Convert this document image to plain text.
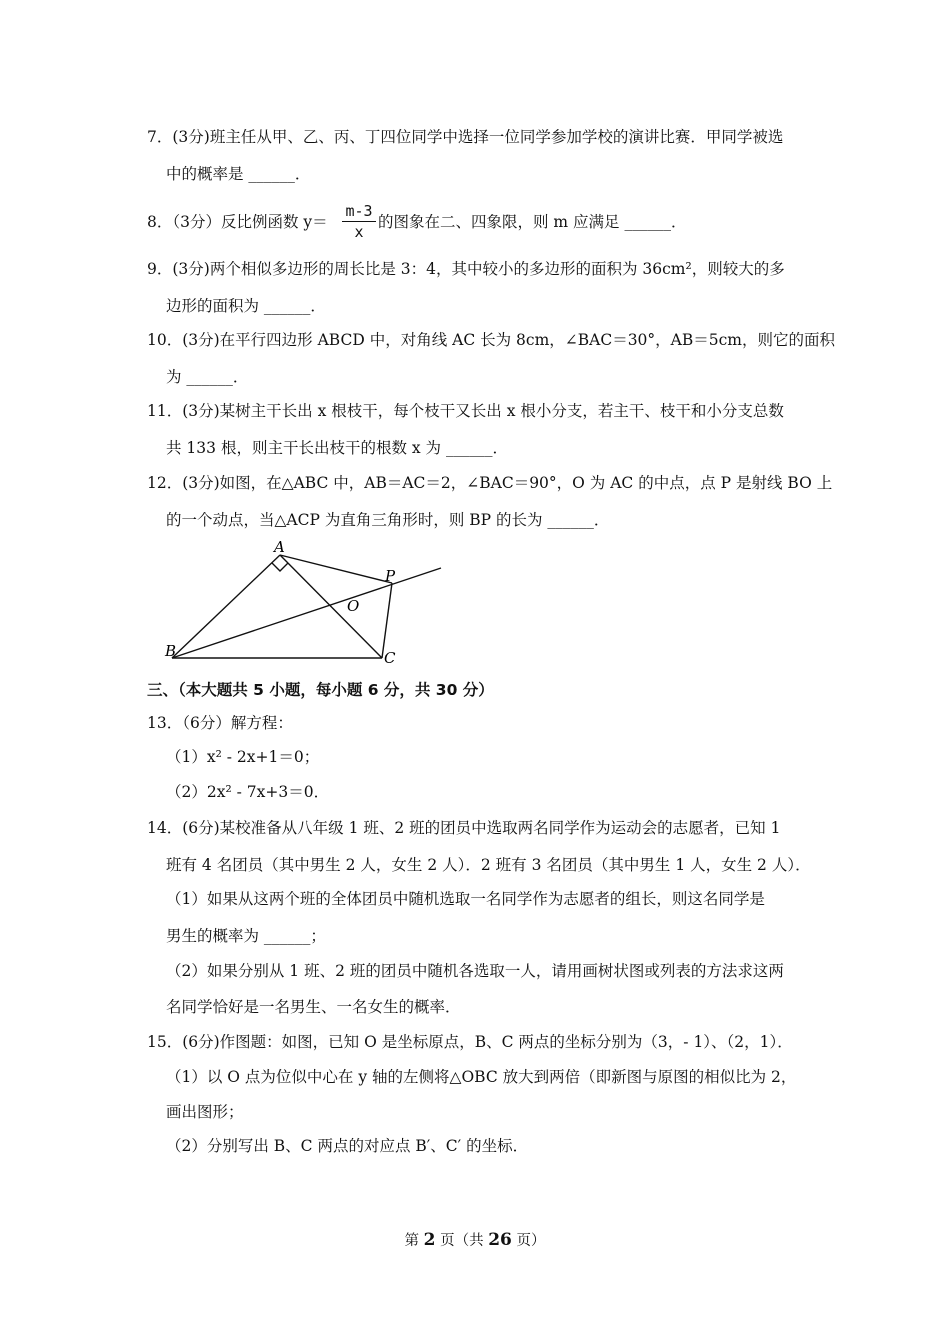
7．(3分)班主任从甲、乙、丙、丁四位同学中选择一位同学参加学校的演讲比赛．甲同学被选
中的概率是 ______．
8．（3分）反比例函数 y＝
m-3
x
的图象在二、四象限，则 m 应满足 ______．
9．(3分)两个相似多边形的周长比是 3：4，其中较小的多边形的面积为 36cm²，则较大的多
边形的面积为 ______．
10．(3分)在平行四边形 ABCD 中，对角线 AC 长为 8cm，∠BAC＝30°，AB＝5cm，则它的面积
为 ______．
11．(3分)某树主干长出 x 根枝干，每个枝干又长出 x 根小分支，若主干、枝干和小分支总数
共 133 根，则主干长出枝干的根数 x 为 ______．
12．(3分)如图，在△ABC 中，AB＝AC＝2，∠BAC＝90°，O 为 AC 的中点，点 P 是射线 BO 上
的一个动点，当△ACP 为直角三角形时，则 BP 的长为 ______．
A
B	C
O
P
三、（本大题共 5 小题，每小题 6 分，共 30 分）
13．（6分）解方程：
（1）x² - 2x+1＝0；
（2）2x² - 7x+3＝0．
14．(6分)某校准备从八年级 1 班、2 班的团员中选取两名同学作为运动会的志愿者，已知 1
班有 4 名团员（其中男生 2 人，女生 2 人）．2 班有 3 名团员（其中男生 1 人，女生 2 人）．
（1）如果从这两个班的全体团员中随机选取一名同学作为志愿者的组长，则这名同学是
男生的概率为 ______；
（2）如果分别从 1 班、2 班的团员中随机各选取一人，请用画树状图或列表的方法求这两
名同学恰好是一名男生、一名女生的概率．
15．(6分)作图题：如图，已知 O 是坐标原点，B、C 两点的坐标分别为（3，- 1）、（2，1）．
（1）以 O 点为位似中心在 y 轴的左侧将△OBC 放大到两倍（即新图与原图的相似比为 2，
画出图形；
（2）分别写出 B、C 两点的对应点 B′、C′ 的坐标．
第 2 页（共 26 页）
